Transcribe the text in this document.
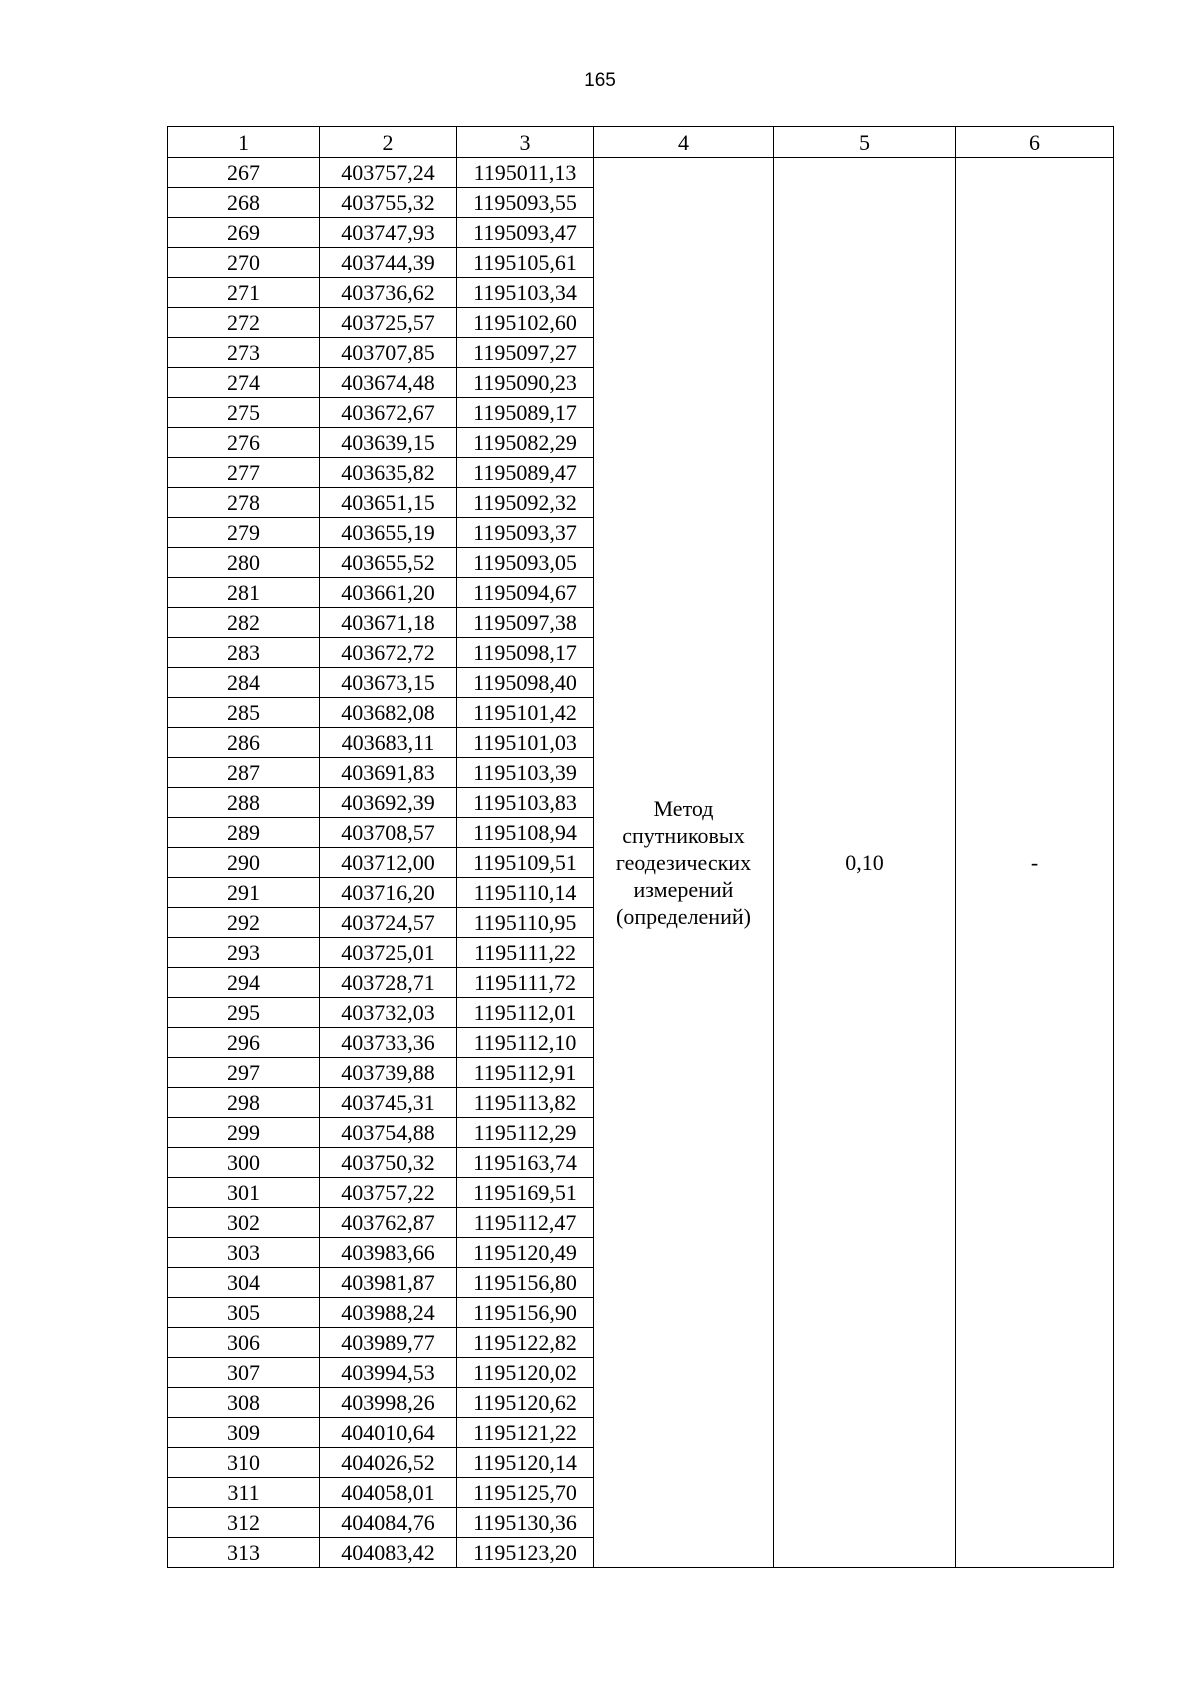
165
1	2	3	4	5	6
267	403757,24	1195011,13	Метод спутниковых геодезических измерений (определений)	0,10	-
268	403755,32	1195093,55			
269	403747,93	1195093,47			
270	403744,39	1195105,61			
271	403736,62	1195103,34			
272	403725,57	1195102,60			
273	403707,85	1195097,27			
274	403674,48	1195090,23			
275	403672,67	1195089,17			
276	403639,15	1195082,29			
277	403635,82	1195089,47			
278	403651,15	1195092,32			
279	403655,19	1195093,37			
280	403655,52	1195093,05			
281	403661,20	1195094,67			
282	403671,18	1195097,38			
283	403672,72	1195098,17			
284	403673,15	1195098,40			
285	403682,08	1195101,42			
286	403683,11	1195101,03			
287	403691,83	1195103,39			
288	403692,39	1195103,83			
289	403708,57	1195108,94			
290	403712,00	1195109,51			
291	403716,20	1195110,14			
292	403724,57	1195110,95			
293	403725,01	1195111,22			
294	403728,71	1195111,72			
295	403732,03	1195112,01			
296	403733,36	1195112,10			
297	403739,88	1195112,91			
298	403745,31	1195113,82			
299	403754,88	1195112,29			
300	403750,32	1195163,74			
301	403757,22	1195169,51			
302	403762,87	1195112,47			
303	403983,66	1195120,49			
304	403981,87	1195156,80			
305	403988,24	1195156,90			
306	403989,77	1195122,82			
307	403994,53	1195120,02			
308	403998,26	1195120,62			
309	404010,64	1195121,22			
310	404026,52	1195120,14			
311	404058,01	1195125,70			
312	404084,76	1195130,36			
313	404083,42	1195123,20			
